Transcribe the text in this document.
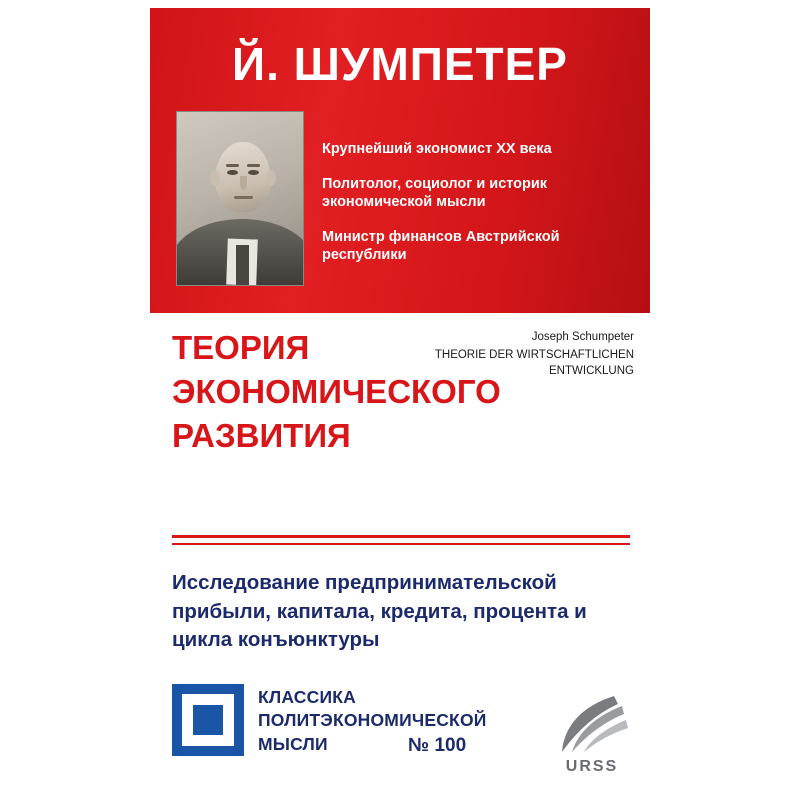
Й. ШУМПЕТЕР
Крупнейший экономист XX века
Политолог, социолог и историк экономической мысли
Министр финансов Австрийской республики
ТЕОРИЯ
ЭКОНОМИЧЕСКОГО
РАЗВИТИЯ
Joseph Schumpeter
THEORIE DER WIRTSCHAFTLICHEN
ENTWICKLUNG
Исследование предпринимательской прибыли, капитала, кредита, процента и цикла конъюнктуры
КЛАССИКА
ПОЛИТЭКОНОМИЧЕСКОЙ
МЫСЛИ	№ 100
URSS
